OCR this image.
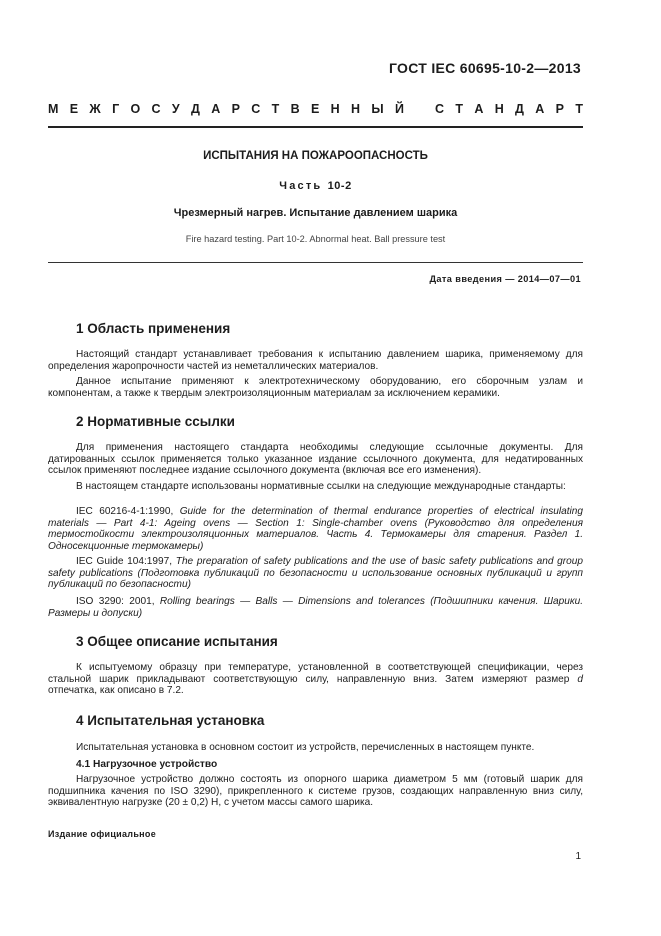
ГОСТ IEC 60695-10-2—2013
М Е Ж Г О С У Д А Р С Т В Е Н Н Ы Й С Т А Н Д А Р Т
ИСПЫТАНИЯ НА ПОЖАРООПАСНОСТЬ
Часть 10-2
Чрезмерный нагрев. Испытание давлением шарика
Fire hazard testing. Part 10-2. Abnormal heat. Ball pressure test
Дата введения — 2014—07—01
1 Область применения
Настоящий стандарт устанавливает требования к испытанию давлением шарика, применяемому для определения жаропрочности частей из неметаллических материалов.
Данное испытание применяют к электротехническому оборудованию, его сборочным узлам и компонентам, а также к твердым электроизоляционным материалам за исключением керамики.
2 Нормативные ссылки
Для применения настоящего стандарта необходимы следующие ссылочные документы. Для датированных ссылок применяется только указанное издание ссылочного документа, для недатированных ссылок применяют последнее издание ссылочного документа (включая все его изменения).
В настоящем стандарте использованы нормативные ссылки на следующие международные стандарты:
IEC 60216-4-1:1990, Guide for the determination of thermal endurance properties of electrical insulating materials — Part 4-1: Ageing ovens — Section 1: Single-chamber ovens (Руководство для определения термостойкости электроизоляционных материалов. Часть 4. Термокамеры для старения. Раздел 1. Односекционные термокамеры)
IEC Guide 104:1997, The preparation of safety publications and the use of basic safety publications and group safety publications (Подготовка публикаций по безопасности и использование основных публикаций и групп публикаций по безопасности)
ISO 3290: 2001, Rolling bearings — Balls — Dimensions and tolerances (Подшипники качения. Шарики. Размеры и допуски)
3 Общее описание испытания
К испытуемому образцу при температуре, установленной в соответствующей спецификации, через стальной шарик прикладывают соответствующую силу, направленную вниз. Затем измеряют размер d отпечатка, как описано в 7.2.
4 Испытательная установка
Испытательная установка в основном состоит из устройств, перечисленных в настоящем пункте.
4.1 Нагрузочное устройство
Нагрузочное устройство должно состоять из опорного шарика диаметром 5 мм (готовый шарик для подшипника качения по ISO 3290), прикрепленного к системе грузов, создающих направленную вниз силу, эквивалентную нагрузке (20 ± 0,2) Н, с учетом массы самого шарика.
Издание официальное
1
